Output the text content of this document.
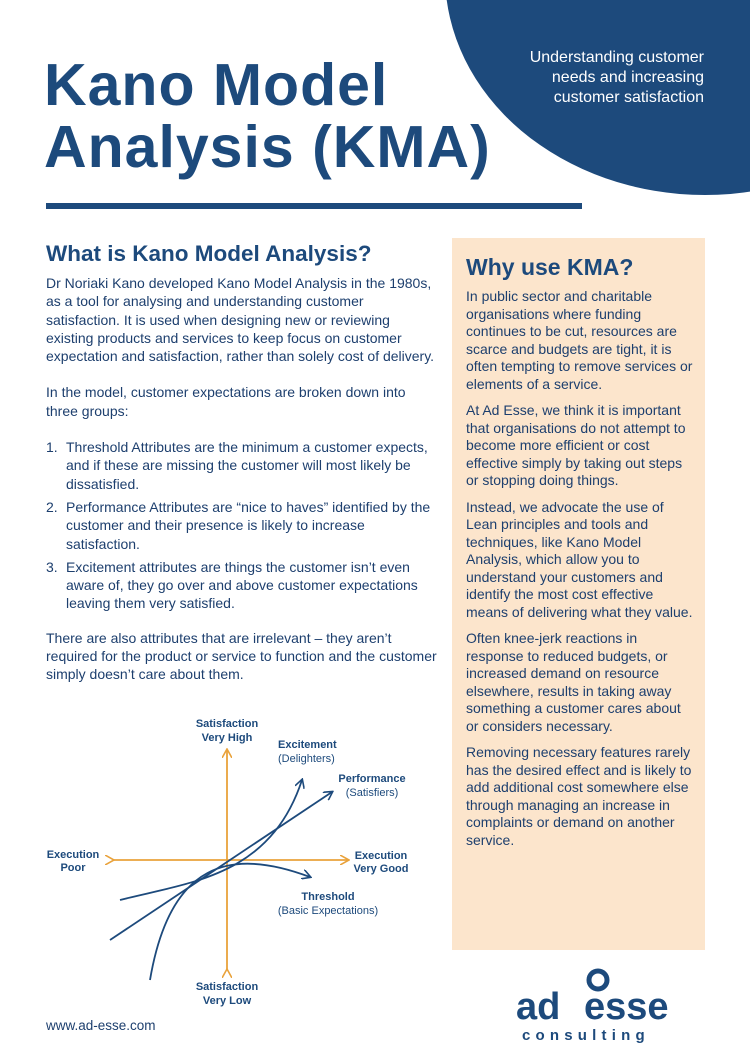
Understanding customer needs and increasing customer satisfaction
Kano Model
Analysis (KMA)
What is Kano Model Analysis?

Dr Noriaki Kano developed Kano Model Analysis in the 1980s, as a tool for analysing and understanding customer satisfaction. It is used when designing new or reviewing existing products and services to keep focus on customer expectation and satisfaction, rather than solely cost of delivery.

In the model, customer expectations are broken down into three groups:

1. Threshold Attributes are the minimum a customer expects, and if these are missing the customer will most likely be dissatisfied.
2. Performance Attributes are “nice to haves” identified by the customer and their presence is likely to increase satisfaction.
3. Excitement attributes are things the customer isn’t even aware of, they go over and above customer expectations leaving them very satisfied.

There are also attributes that are irrelevant – they aren’t required for the product or service to function and the customer simply doesn’t care about them.

Satisfaction
Very High
Satisfaction
Very Low
Execution
Poor
Execution
Very Good
Excitement
(Delighters)
Performance
(Satisfiers)
Threshold
(Basic Expectations)
Why use KMA?

In public sector and charitable organisations where funding continues to be cut, resources are scarce and budgets are tight, it is often tempting to remove services or elements of a service.

At Ad Esse, we think it is important that organisations do not attempt to become more efficient or cost effective simply by taking out steps or stopping doing things.

Instead, we advocate the use of Lean principles and tools and techniques, like Kano Model Analysis, which allow you to understand your customers and identify the most cost effective means of delivering what they value.

Often knee-jerk reactions in response to reduced budgets, or increased demand on resource elsewhere, results in taking away something a customer cares about or considers necessary.

Removing necessary features rarely has the desired effect and is likely to add additional cost somewhere else through managing an increase in complaints or demand on another service.

www.ad-esse.com	ad esse
consulting
